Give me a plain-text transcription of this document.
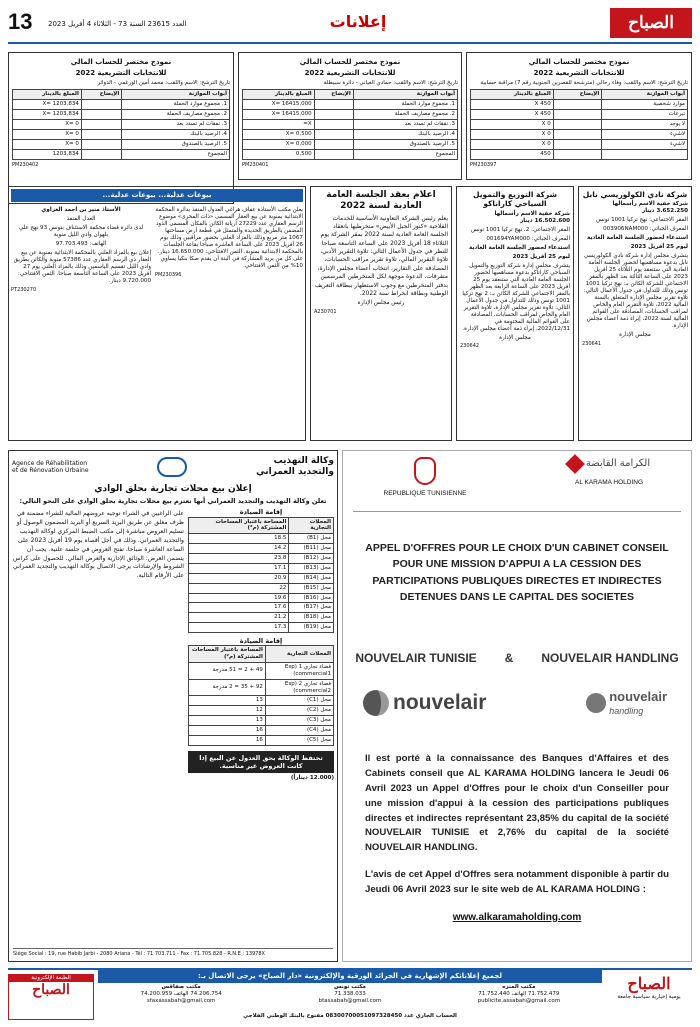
13 العدد 23615 السنة 73 - الثلاثاء 4 أفريل 2023	إعلانات	الصباح
نموذج مختصر للحساب المالي
للانتخابات التشريعية 2022
تاريخ الترشح: الاسم واللقب: وفاء رحالي (مترشحة للقصرين الجنوبية رقم 7) مراقبة حسابية
أبواب الموازنة	الإيضاح	المبلغ بالدينار
موارد شخصية		450 X
تبرعات		450 X
لا يوجد		0 X
لاشيء		0 X
لاشيء		0 X
		450
PM230397
نموذج مختصر للحساب المالي
للانتخابات التشريعية 2022
تاريخ الترشح: الاسم واللقب: حمادي الغياني - دائرة سبيطلة
أبواب الموازنة	الإيضاح	المبلغ بالدينار
1. مجموع موارد الحملة		X= 16415,000
2. مجموع مصاريف الحملة		X= 16415,000
3. نفقات لم تسدد بعد		X=
4. الرصيد بالبنك		X= 0,500
5. الرصيد بالصندوق		X= 0,000
المجموع		0,500
PM230401
نموذج مختصر للحساب المالي
للانتخابات التشريعية 2022
تاريخ الترشح: الاسم واللقب: محمد أمين الورغمي - الدوائر
أبواب الموازنة	الإيضاح	المبلغ بالدينار
1. مجموع موارد الحملة		X= 1203,834
2. مجموع مصاريف الحملة		X= 1203,834
3. نفقات لم تسدد بعد		X= 0
4. الرصيد بالبنك		X= 0
5. الرصيد بالصندوق		X= 0
المجموع		1203,834
PM230402
شركة نادي الكولوريسي نابل
شركة خفية الاسم رأسمالها 3.652.250 دينار
المقر الاجتماعي: نهج تركيا 1001 تونس
المعرف الجبائي: 003906NAM000
استدعاء لحضور الجلسة العامة العادية
ليوم 25 أفريل 2023
يتشرف مجلس إدارة شركة نادي الكولوريسي نابل بدعوة مساهميها لحضور الجلسة العامة العادية التي ستنعقد يوم الثلاثاء 25 أفريل 2023 على الساعة الثالثة بعد الظهر بالمقر الاجتماعي للشركة الكائن بـ: نهج تركيا 1001 تونس وذلك للتداول في جدول الأعمال التالي: تلاوة تقرير مجلس الإدارة المتعلق بالسنة المالية 2022، تلاوة التقرير العام والخاص لمراقب الحسابات، المصادقة على القوائم المالية لسنة 2022، إبراء ذمة أعضاء مجلس الإدارة.
مجلس الإدارة
230641
شركة التوزيع والتمويل السياحي كاراناكو
شركة خفية الاسم رأسمالها 16.502.600 دينار
المقر الاجتماعي: 2، نهج تركيا 1001 تونس
المعرف الجبائي: 001694YAM000
استدعاء لحضور الجلسة العامة العادية
ليوم 25 أفريل 2023
يتشرف مجلس إدارة شركة التوزيع والتمويل السياحي كاراناكو بدعوة مساهميها لحضور الجلسة العامة العادية التي ستنعقد يوم 25 أفريل 2023 على الساعة الرابعة بعد الظهر بالمقر الاجتماعي للشركة الكائن بـ: 2 نهج تركيا 1001 تونس وذلك للتداول في جدول الأعمال التالي: تلاوة تقرير مجلس الإدارة، تلاوة التقرير العام والخاص لمراقب الحسابات، المصادقة على القوائم المالية المختومة في 2022/12/31، إبراء ذمة أعضاء مجلس الإدارة.
مجلس الإدارة
230642
اعلام بعقد الجلسة العامة العادية لسنة 2022
يعلم رئيس الشركة التعاونية الأساسية للخدمات الفلاحية «كنوز الجبل الأبيض» منخرطيها بانعقاد الجلسة العامة العادية لسنة 2022 بمقر الشركة يوم الثلاثاء 18 أفريل 2023 على الساعة التاسعة صباحا للنظر في جدول الأعمال التالي: تلاوة التقرير الأدبي، تلاوة التقرير المالي، تلاوة تقرير مراقب الحسابات، المصادقة على التقارير، انتخاب أعضاء مجلس الإدارة، متفرقات. الدعوة موجهة لكل المنخرطين المرسمين بدفتر المنخرطين مع وجوب الاستظهار ببطاقة التعريف الوطنية وبطاقة انخراط سنة 2022.
رئيس مجلس الإدارة
A230701
بيوعات عدلية... بيوعات عدلية...
يعلن مكتب الأستاذة عفاف هراغي العدول المنفذ بدائرة المحكمة الابتدائية بمنوبة عن بيع العقار المسمى «ذات المحرى» موضوع الرسم العقاري عدد 27229 أريانة الكائن بالمكان المسمى الذود المضمن بالطريق الحديدة والمتمثل في قطعة أرض مساحتها 1067 متر مربع وذلك بالمزاد العلني بحضور مراقبين وذلك يوم 26 أفريل 2023 على الساعة العاشرة صباحا بقاعة الجلسات بالمحكمة الابتدائية بمنوبة. الثمن الافتتاحي: 16.650.000 دينار. على كل من يريد المشاركة في البتة أن يقدم صكا بنكيا يساوي 10% من الثمن الافتتاحي.
PM230396
الأستاذ منير بن احمد العزاوي
العدل المنفذ
لدى دائرة قضاء محكمة الاستئناف بتونس 93 نهج علي بلهوان وادي الليل منوبة
الهاتف: 97.703.493
إعلان بيع بالمزاد العلني بالمحكمة الابتدائية بمنوبة عن بيع العقار ذي الرسم العقاري عدد 57386 منوبة والكائن بطريق وادي الليل تقسيم الياسمين وذلك بالمزاد العلني يوم 27 أفريل 2023 على الساعة التاسعة صباحا. الثمن الافتتاحي: 9.720.000 دينار.
PT230270
Agence de Réhabilitation
et de Rénovation Urbaine
وكالة التهذيب
والتجديد العمراني
إعلان بيع محلات تجارية بحلق الوادي
تعلن وكالة التهذيب والتجديد العمراني أنها تعتزم بيع محلات تجارية بحلق الوادي على النحو التالي:
على الراغبين في الشراء توجيه عروضهم المالية للشراء مضمنة في ظرف مغلق عن طريق البريد السريع أو البريد المضمون الوصول أو تسليم العروض مباشرة إلى مكتب الضبط المركزي لوكالة التهذيب والتجديد العمراني. وذلك في أجل أقصاه يوم 19 أفريل 2023 على الساعة العاشرة صباحا. تفتح العروض في جلسة علنية. يجب أن يتضمن العرض: الوثائق الإدارية والعرض المالي. للحصول على كراس الشروط والإرشادات يرجى الاتصال بوكالة التهذيب والتجديد العمراني على الأرقام التالية.
إقامة الصيادة
المحلات التجارية	المساحة باعتبار المساحات المشتركة (م²)
محل (B1)	18.5
محل (B11)	14.2
محل (B12)	23.8
محل (B13)	17.1
محل (B14)	20.9
محل (B15)	22
محل (B16)	19.6
محل (B17)	17.6
محل (B18)	21.2
محل (B19)	17.3
إقامة الصيادة
المحلات التجارية	المساحة باعتبار المساحات المشتركة (م²)
فضاء تجاري 1 (Esp commercial1)	49 + 2 = 51 مدرجة
فضاء تجاري 2 (Esp commercial2)	92 + 35 = 2 مدرجة
محل (C1)	13
محل (C2)	12
محل (C3)	13
محل (C4)	16
محل (C5)	16
تحتفظ الوكالة بحق العدول عن البيع إذا كانت العروض غير مناسبة.
(12.000 ديناراً)
Siège Social : 19, rue Habib Jarbi - 2080 Ariana - Tél : 71 703.711 - Fax : 71.705.828 - R.N.E : 13978X
REPUBLIQUE TUNISIENNE
الكرامة القابضة
AL KARAMA HOLDING
APPEL D'OFFRES POUR LE CHOIX D'UN CABINET CONSEIL POUR UNE MISSION D'APPUI A LA CESSION DES PARTICIPATIONS PUBLIQUES DIRECTES ET INDIRECTES DETENUES DANS LE CAPITAL DES SOCIETES
NOUVELAIR TUNISIE & NOUVELAIR HANDLING
nouvelair	nouvelair
handling
Il est porté à la connaissance des Banques d'Affaires et des Cabinets conseil que AL KARAMA HOLDING lancera le Jeudi 06 Avril 2023 un Appel d'Offres pour le choix d'un Conseiller pour une mission d'appui à la cession des participations publiques directes et indirectes représentant 23,85% du capital de la société NOUVELAIR TUNISIE et 2,76% du capital de la société NOUVELAIR HANDLING.
L'avis de cet Appel d'Offres sera notamment disponible à partir du Jeudi 06 Avril 2023 sur le site web de AL KARAMA HOLDING :
www.alkaramaholding.com
لجميع إعلاناتكم الإشهارية في الجرائد الورقية والإلكترونية «دار الصباح» يرجى الاتصال بـ:	الصباح
يومية إخبارية سياسية جامعة
الطبعة الإلكترونية
الصباح	مكتب المنزه
71.752.479 الهاتف 71.752.440
publicite.assabah@gmail.com
مكتب تونس
71.338.033
btassabah@gmail.com
مكتب صفاقس
74.206.754 الهاتف 74.200.959
sfaxassabah@gmail.com
الحساب الجاري عدد 08300700051097328450 مفتوح بالبنك الوطني الفلاحي
